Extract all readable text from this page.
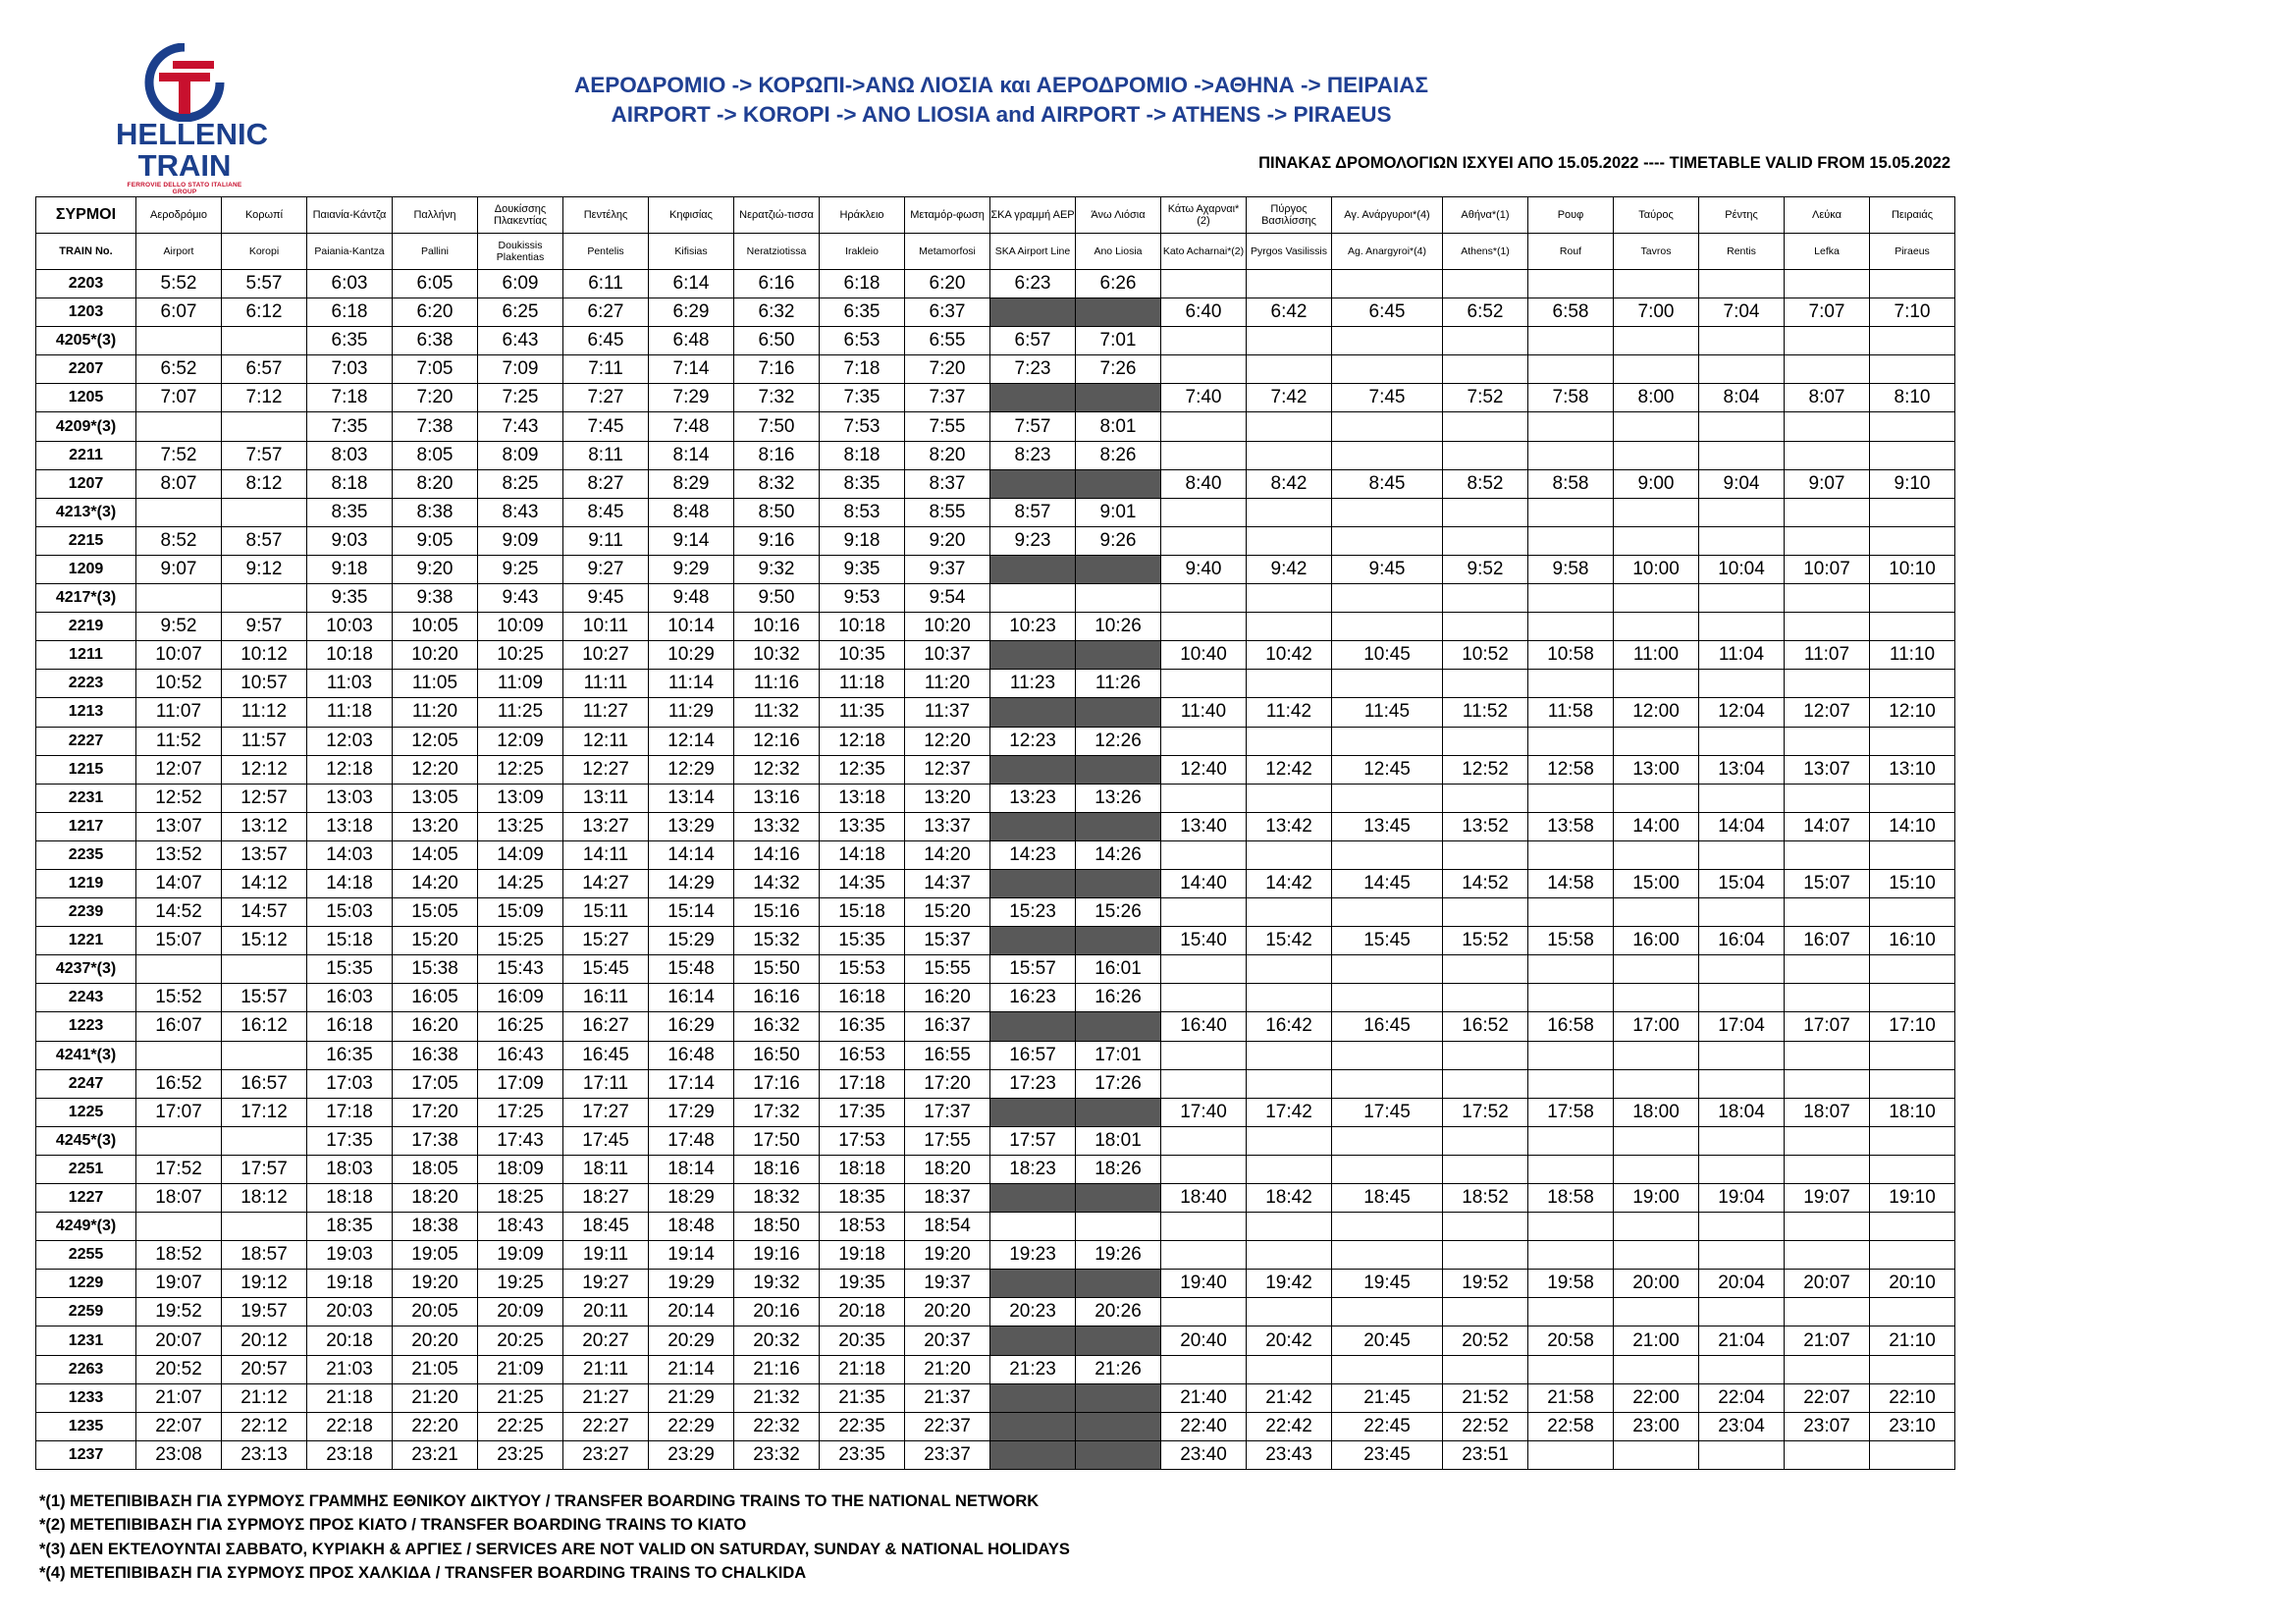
HELLENIC
TRAIN
FERROVIE DELLO STATO ITALIANE GROUP
ΑΕΡΟΔΡΟΜΙΟ -> ΚΟΡΩΠΙ->ΑΝΩ ΛΙΟΣΙΑ και ΑΕΡΟΔΡΟΜΙΟ ->ΑΘΗΝΑ -> ΠΕΙΡΑΙΑΣ
AIRPORT -> KOROPI -> ANO LIOSIA and AIRPORT -> ATHENS -> PIRAEUS
ΠΙΝΑΚΑΣ ΔΡΟΜΟΛΟΓΙΩΝ ΙΣΧΥΕΙ ΑΠΟ 15.05.2022 ---- TIMETABLE VALID FROM 15.05.2022
ΣΥΡΜΟΙ	Αεροδρόμιο	Κορωπί	Παιανία-Κάντζα	Παλλήνη	Δουκίσσης Πλακεντίας	Πεντέλης	Κηφισίας	Νερατζιώ-τισσα	Ηράκλειο	Μεταμόρ-φωση	ΣΚΑ γραμμή ΑΕΡ	Άνω Λιόσια	Κάτω Αχαρναι*(2)	Πύργος Βασιλίσσης	Αγ. Ανάργυροι*(4)	Αθήνα*(1)	Ρουφ	Ταύρος	Ρέντης	Λεύκα	Πειραιάς
TRAIN No.	Airport	Koropi	Paiania-Kantza	Pallini	Doukissis Plakentias	Pentelis	Kifisias	Neratziotissa	Irakleio	Metamorfosi	SKA Airport Line	Ano Liosia	Kato Acharnai*(2)	Pyrgos Vasilissis	Ag. Anargyroi*(4)	Athens*(1)	Rouf	Tavros	Rentis	Lefka	Piraeus
2203	5:52	5:57	6:03	6:05	6:09	6:11	6:14	6:16	6:18	6:20	6:23	6:26									
1203	6:07	6:12	6:18	6:20	6:25	6:27	6:29	6:32	6:35	6:37			6:40	6:42	6:45	6:52	6:58	7:00	7:04	7:07	7:10
4205*(3)			6:35	6:38	6:43	6:45	6:48	6:50	6:53	6:55	6:57	7:01									
2207	6:52	6:57	7:03	7:05	7:09	7:11	7:14	7:16	7:18	7:20	7:23	7:26									
1205	7:07	7:12	7:18	7:20	7:25	7:27	7:29	7:32	7:35	7:37			7:40	7:42	7:45	7:52	7:58	8:00	8:04	8:07	8:10
4209*(3)			7:35	7:38	7:43	7:45	7:48	7:50	7:53	7:55	7:57	8:01									
2211	7:52	7:57	8:03	8:05	8:09	8:11	8:14	8:16	8:18	8:20	8:23	8:26									
1207	8:07	8:12	8:18	8:20	8:25	8:27	8:29	8:32	8:35	8:37			8:40	8:42	8:45	8:52	8:58	9:00	9:04	9:07	9:10
4213*(3)			8:35	8:38	8:43	8:45	8:48	8:50	8:53	8:55	8:57	9:01									
2215	8:52	8:57	9:03	9:05	9:09	9:11	9:14	9:16	9:18	9:20	9:23	9:26									
1209	9:07	9:12	9:18	9:20	9:25	9:27	9:29	9:32	9:35	9:37			9:40	9:42	9:45	9:52	9:58	10:00	10:04	10:07	10:10
4217*(3)			9:35	9:38	9:43	9:45	9:48	9:50	9:53	9:54											
2219	9:52	9:57	10:03	10:05	10:09	10:11	10:14	10:16	10:18	10:20	10:23	10:26									
1211	10:07	10:12	10:18	10:20	10:25	10:27	10:29	10:32	10:35	10:37			10:40	10:42	10:45	10:52	10:58	11:00	11:04	11:07	11:10
2223	10:52	10:57	11:03	11:05	11:09	11:11	11:14	11:16	11:18	11:20	11:23	11:26									
1213	11:07	11:12	11:18	11:20	11:25	11:27	11:29	11:32	11:35	11:37			11:40	11:42	11:45	11:52	11:58	12:00	12:04	12:07	12:10
2227	11:52	11:57	12:03	12:05	12:09	12:11	12:14	12:16	12:18	12:20	12:23	12:26									
1215	12:07	12:12	12:18	12:20	12:25	12:27	12:29	12:32	12:35	12:37			12:40	12:42	12:45	12:52	12:58	13:00	13:04	13:07	13:10
2231	12:52	12:57	13:03	13:05	13:09	13:11	13:14	13:16	13:18	13:20	13:23	13:26									
1217	13:07	13:12	13:18	13:20	13:25	13:27	13:29	13:32	13:35	13:37			13:40	13:42	13:45	13:52	13:58	14:00	14:04	14:07	14:10
2235	13:52	13:57	14:03	14:05	14:09	14:11	14:14	14:16	14:18	14:20	14:23	14:26									
1219	14:07	14:12	14:18	14:20	14:25	14:27	14:29	14:32	14:35	14:37			14:40	14:42	14:45	14:52	14:58	15:00	15:04	15:07	15:10
2239	14:52	14:57	15:03	15:05	15:09	15:11	15:14	15:16	15:18	15:20	15:23	15:26									
1221	15:07	15:12	15:18	15:20	15:25	15:27	15:29	15:32	15:35	15:37			15:40	15:42	15:45	15:52	15:58	16:00	16:04	16:07	16:10
4237*(3)			15:35	15:38	15:43	15:45	15:48	15:50	15:53	15:55	15:57	16:01									
2243	15:52	15:57	16:03	16:05	16:09	16:11	16:14	16:16	16:18	16:20	16:23	16:26									
1223	16:07	16:12	16:18	16:20	16:25	16:27	16:29	16:32	16:35	16:37			16:40	16:42	16:45	16:52	16:58	17:00	17:04	17:07	17:10
4241*(3)			16:35	16:38	16:43	16:45	16:48	16:50	16:53	16:55	16:57	17:01									
2247	16:52	16:57	17:03	17:05	17:09	17:11	17:14	17:16	17:18	17:20	17:23	17:26									
1225	17:07	17:12	17:18	17:20	17:25	17:27	17:29	17:32	17:35	17:37			17:40	17:42	17:45	17:52	17:58	18:00	18:04	18:07	18:10
4245*(3)			17:35	17:38	17:43	17:45	17:48	17:50	17:53	17:55	17:57	18:01									
2251	17:52	17:57	18:03	18:05	18:09	18:11	18:14	18:16	18:18	18:20	18:23	18:26									
1227	18:07	18:12	18:18	18:20	18:25	18:27	18:29	18:32	18:35	18:37			18:40	18:42	18:45	18:52	18:58	19:00	19:04	19:07	19:10
4249*(3)			18:35	18:38	18:43	18:45	18:48	18:50	18:53	18:54											
2255	18:52	18:57	19:03	19:05	19:09	19:11	19:14	19:16	19:18	19:20	19:23	19:26									
1229	19:07	19:12	19:18	19:20	19:25	19:27	19:29	19:32	19:35	19:37			19:40	19:42	19:45	19:52	19:58	20:00	20:04	20:07	20:10
2259	19:52	19:57	20:03	20:05	20:09	20:11	20:14	20:16	20:18	20:20	20:23	20:26									
1231	20:07	20:12	20:18	20:20	20:25	20:27	20:29	20:32	20:35	20:37			20:40	20:42	20:45	20:52	20:58	21:00	21:04	21:07	21:10
2263	20:52	20:57	21:03	21:05	21:09	21:11	21:14	21:16	21:18	21:20	21:23	21:26									
1233	21:07	21:12	21:18	21:20	21:25	21:27	21:29	21:32	21:35	21:37			21:40	21:42	21:45	21:52	21:58	22:00	22:04	22:07	22:10
1235	22:07	22:12	22:18	22:20	22:25	22:27	22:29	22:32	22:35	22:37			22:40	22:42	22:45	22:52	22:58	23:00	23:04	23:07	23:10
1237	23:08	23:13	23:18	23:21	23:25	23:27	23:29	23:32	23:35	23:37			23:40	23:43	23:45	23:51					
*(1) ΜΕΤΕΠΙΒΙΒΑΣΗ ΓΙΑ ΣΥΡΜΟΥΣ ΓΡΑΜΜΗΣ ΕΘΝΙΚΟΥ ΔΙΚΤΥΟΥ / TRANSFER BOARDING TRAINS TO THE NATIONAL NETWORK
*(2) ΜΕΤΕΠΙΒΙΒΑΣΗ ΓΙΑ ΣΥΡΜΟΥΣ ΠΡΟΣ ΚΙΑΤΟ / TRANSFER BOARDING TRAINS TO KIATO
*(3) ΔΕΝ ΕΚΤΕΛΟΥΝΤΑΙ ΣΑΒΒΑΤΟ, ΚΥΡΙΑΚΗ & ΑΡΓΙΕΣ / SERVICES ARE NOT VALID ON SATURDAY, SUNDAY & NATIONAL HOLIDAYS
*(4) ΜΕΤΕΠΙΒΙΒΑΣΗ ΓΙΑ ΣΥΡΜΟΥΣ ΠΡΟΣ ΧΑΛΚΙΔΑ / TRANSFER BOARDING TRAINS TO CHALKIDA
